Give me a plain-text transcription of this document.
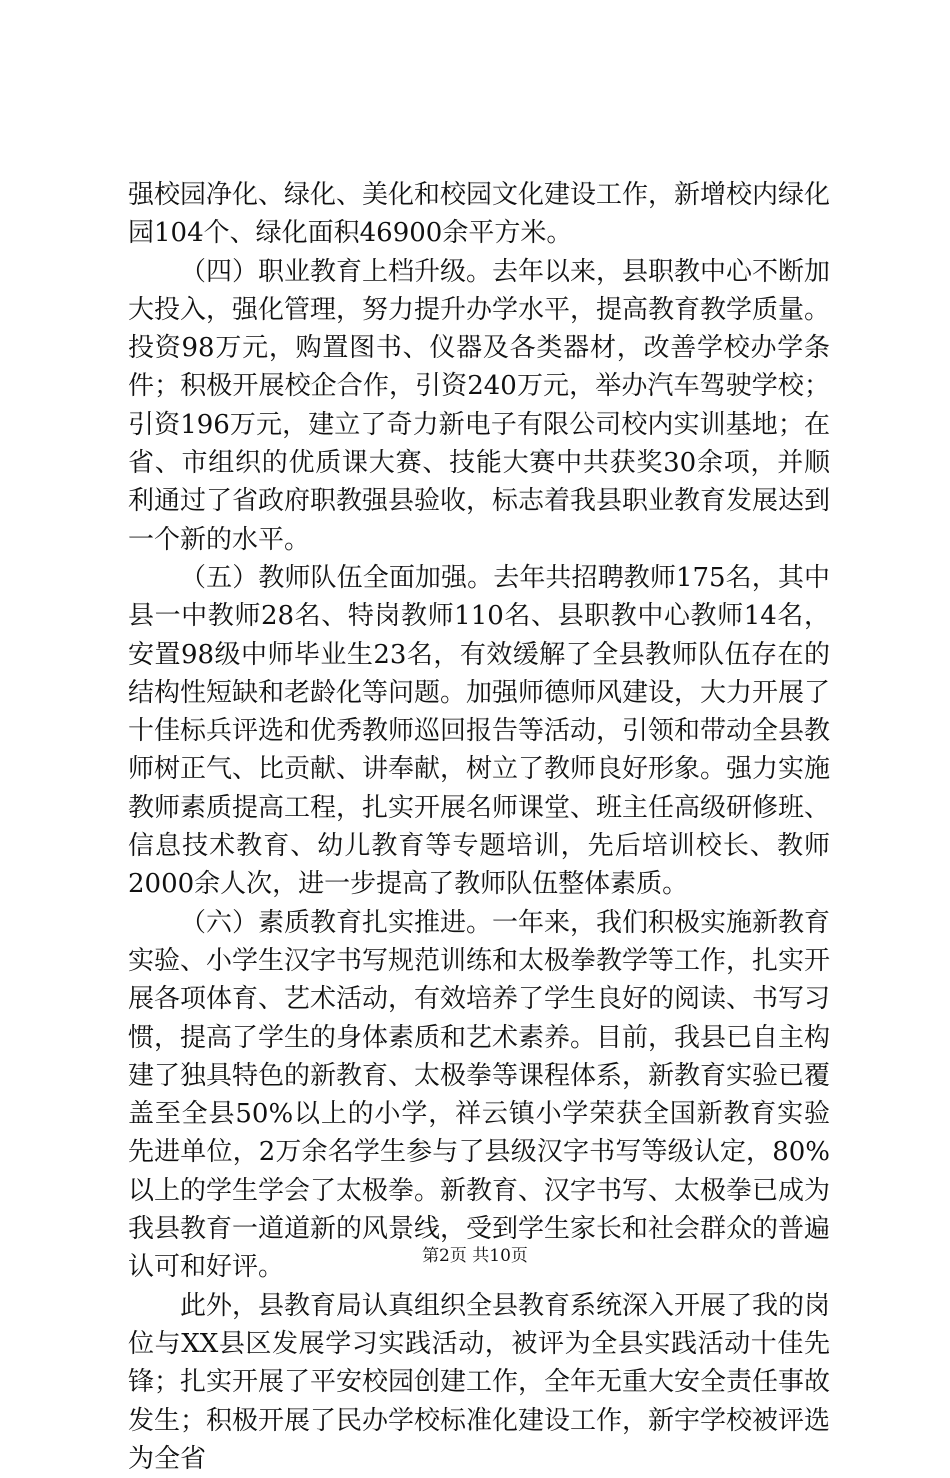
强校园净化、绿化、美化和校园文化建设工作，新增校内绿化园104个、绿化面积46900余平方米。

（四）职业教育上档升级。去年以来，县职教中心不断加大投入，强化管理，努力提升办学水平，提高教育教学质量。投资98万元，购置图书、仪器及各类器材，改善学校办学条件；积极开展校企合作，引资240万元，举办汽车驾驶学校；引资196万元，建立了奇力新电子有限公司校内实训基地；在省、市组织的优质课大赛、技能大赛中共获奖30余项，并顺利通过了省政府职教强县验收，标志着我县职业教育发展达到一个新的水平。

（五）教师队伍全面加强。去年共招聘教师175名，其中县一中教师28名、特岗教师110名、县职教中心教师14名，安置98级中师毕业生23名，有效缓解了全县教师队伍存在的结构性短缺和老龄化等问题。加强师德师风建设，大力开展了十佳标兵评选和优秀教师巡回报告等活动，引领和带动全县教师树正气、比贡献、讲奉献，树立了教师良好形象。强力实施教师素质提高工程，扎实开展名师课堂、班主任高级研修班、信息技术教育、幼儿教育等专题培训，先后培训校长、教师2000余人次，进一步提高了教师队伍整体素质。

（六）素质教育扎实推进。一年来，我们积极实施新教育实验、小学生汉字书写规范训练和太极拳教学等工作，扎实开展各项体育、艺术活动，有效培养了学生良好的阅读、书写习惯，提高了学生的身体素质和艺术素养。目前，我县已自主构建了独具特色的新教育、太极拳等课程体系，新教育实验已覆盖至全县50%以上的小学，祥云镇小学荣获全国新教育实验先进单位，2万余名学生参与了县级汉字书写等级认定，80%以上的学生学会了太极拳。新教育、汉字书写、太极拳已成为我县教育一道道新的风景线，受到学生家长和社会群众的普遍认可和好评。

此外，县教育局认真组织全县教育系统深入开展了我的岗位与XX县区发展学习实践活动，被评为全县实践活动十佳先锋；扎实开展了平安校园创建工作，全年无重大安全责任事故发生；积极开展了民办学校标准化建设工作，新宇学校被评选为全省

第2页 共10页
